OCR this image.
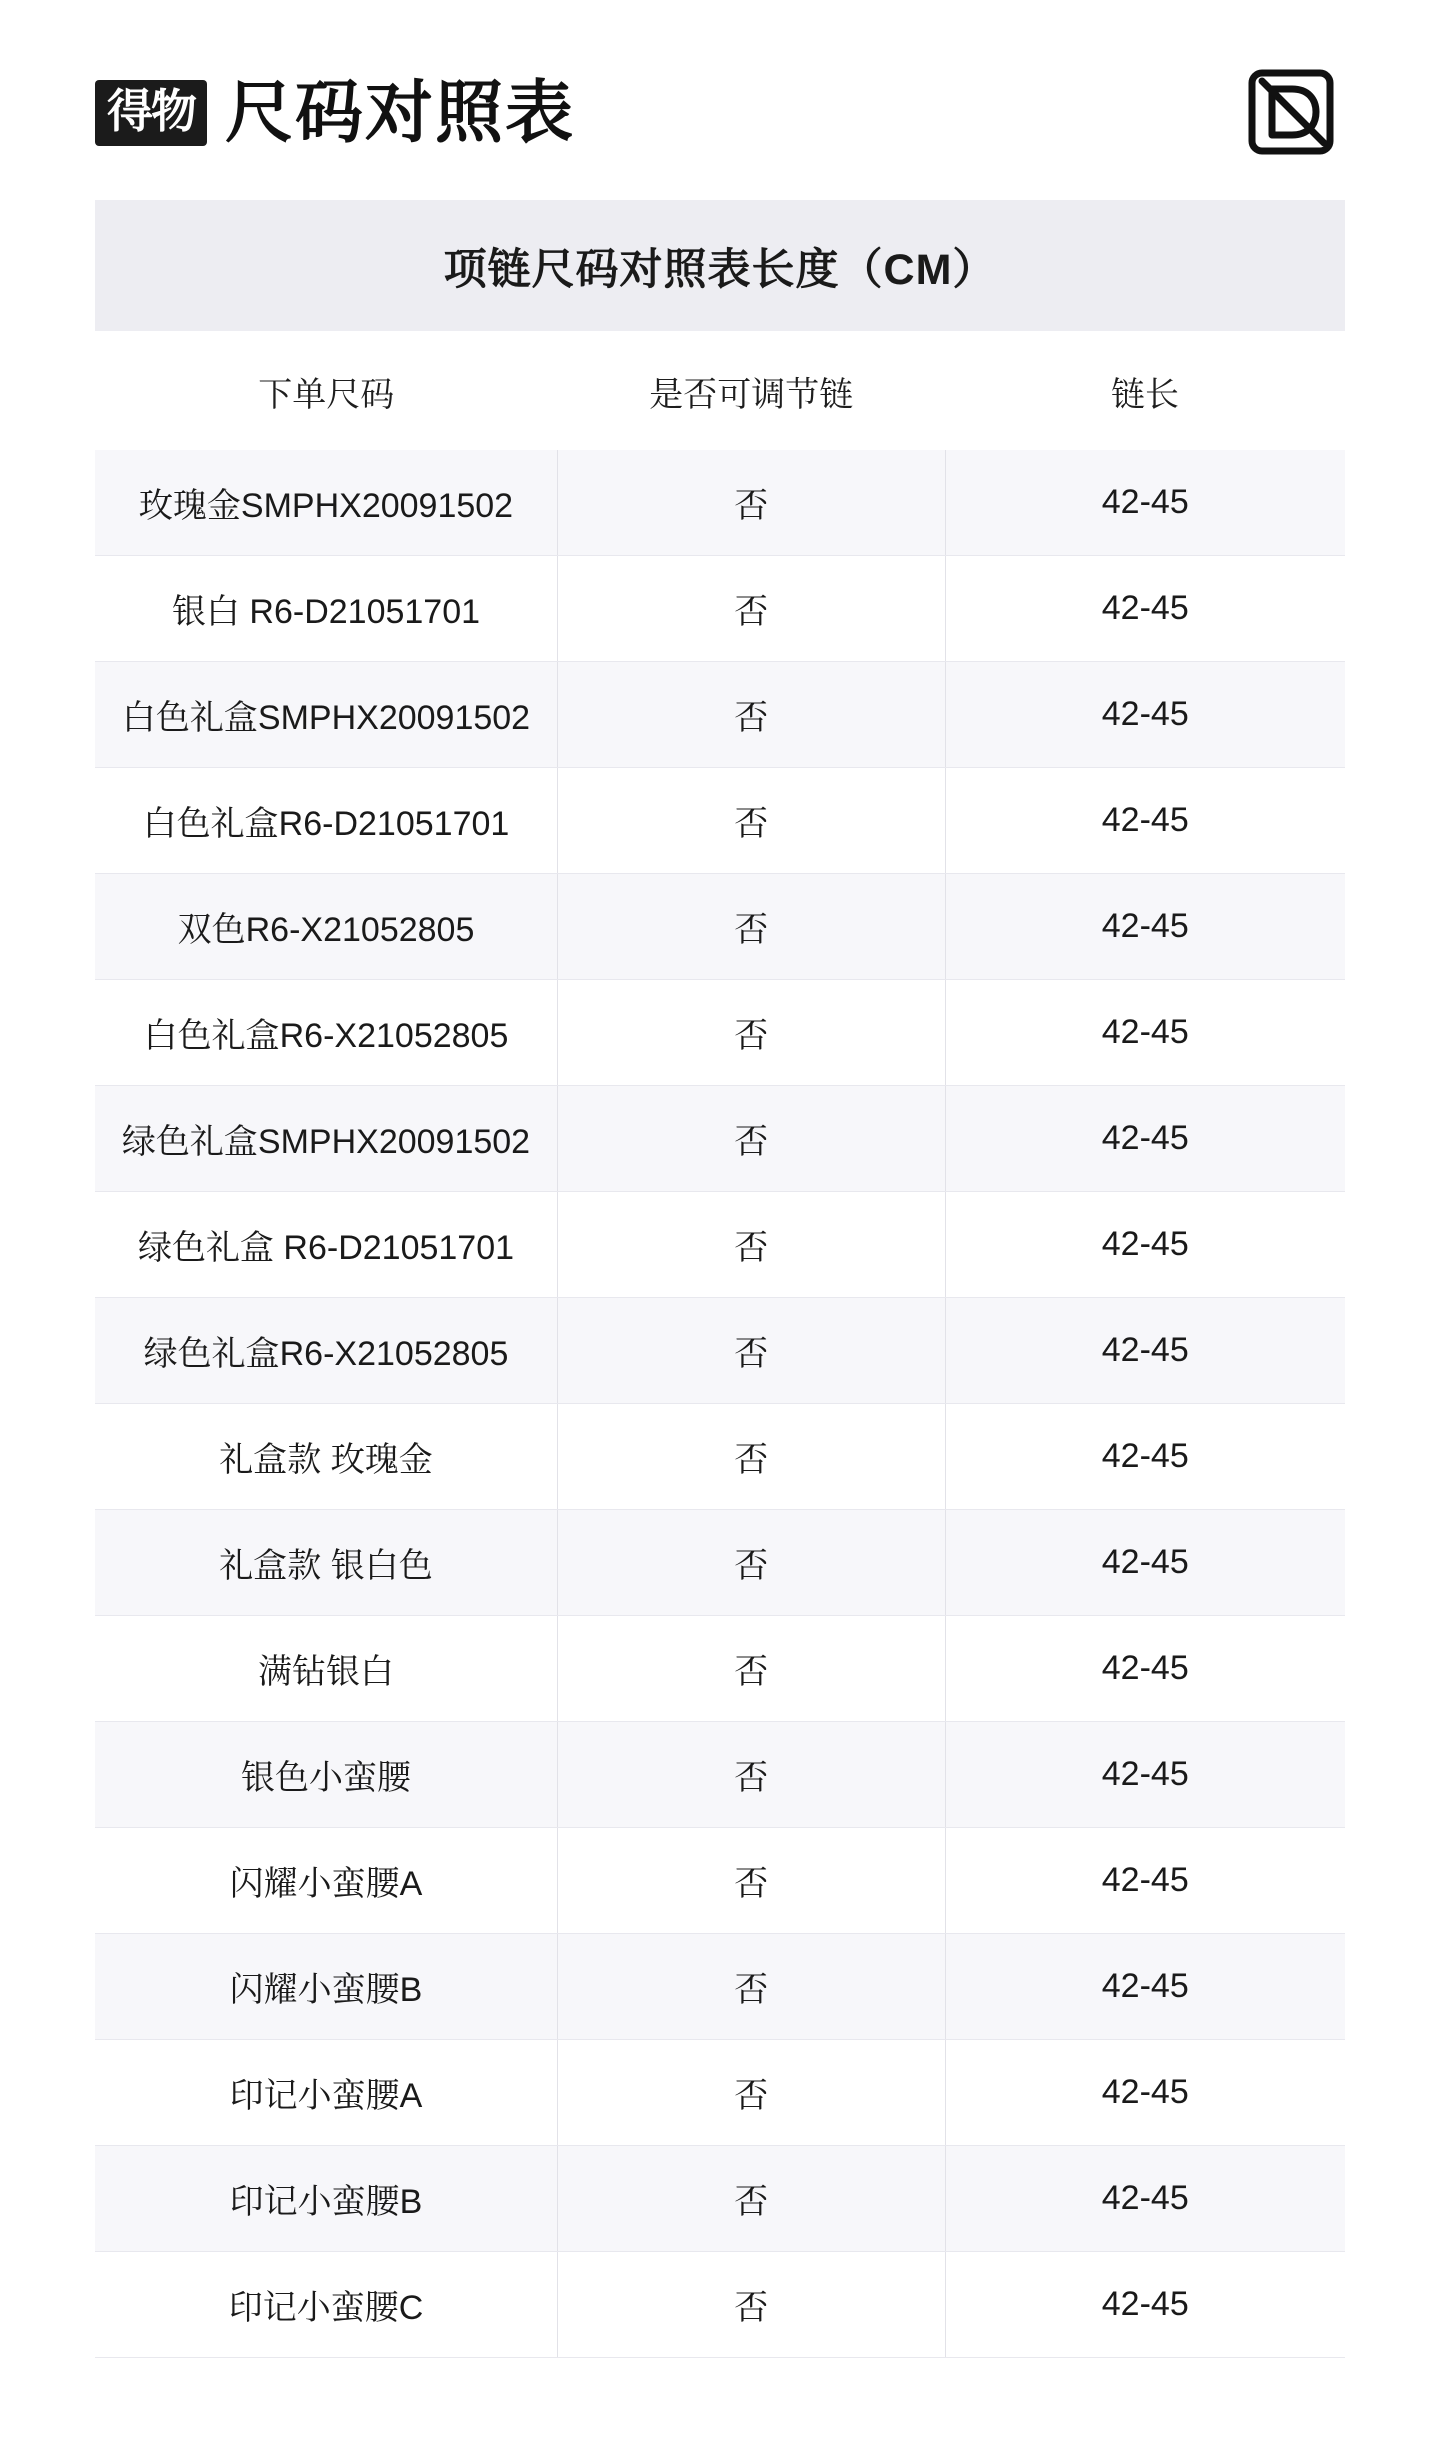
得物 尺码对照表
项链尺码对照表长度（CM）
下单尺码	是否可调节链	链长
玫瑰金SMPHX20091502	否	42-45
银白 R6-D21051701	否	42-45
白色礼盒SMPHX20091502	否	42-45
白色礼盒R6-D21051701	否	42-45
双色R6-X21052805	否	42-45
白色礼盒R6-X21052805	否	42-45
绿色礼盒SMPHX20091502	否	42-45
绿色礼盒 R6-D21051701	否	42-45
绿色礼盒R6-X21052805	否	42-45
礼盒款 玫瑰金	否	42-45
礼盒款 银白色	否	42-45
满钻银白	否	42-45
银色小蛮腰	否	42-45
闪耀小蛮腰A	否	42-45
闪耀小蛮腰B	否	42-45
印记小蛮腰A	否	42-45
印记小蛮腰B	否	42-45
印记小蛮腰C	否	42-45
